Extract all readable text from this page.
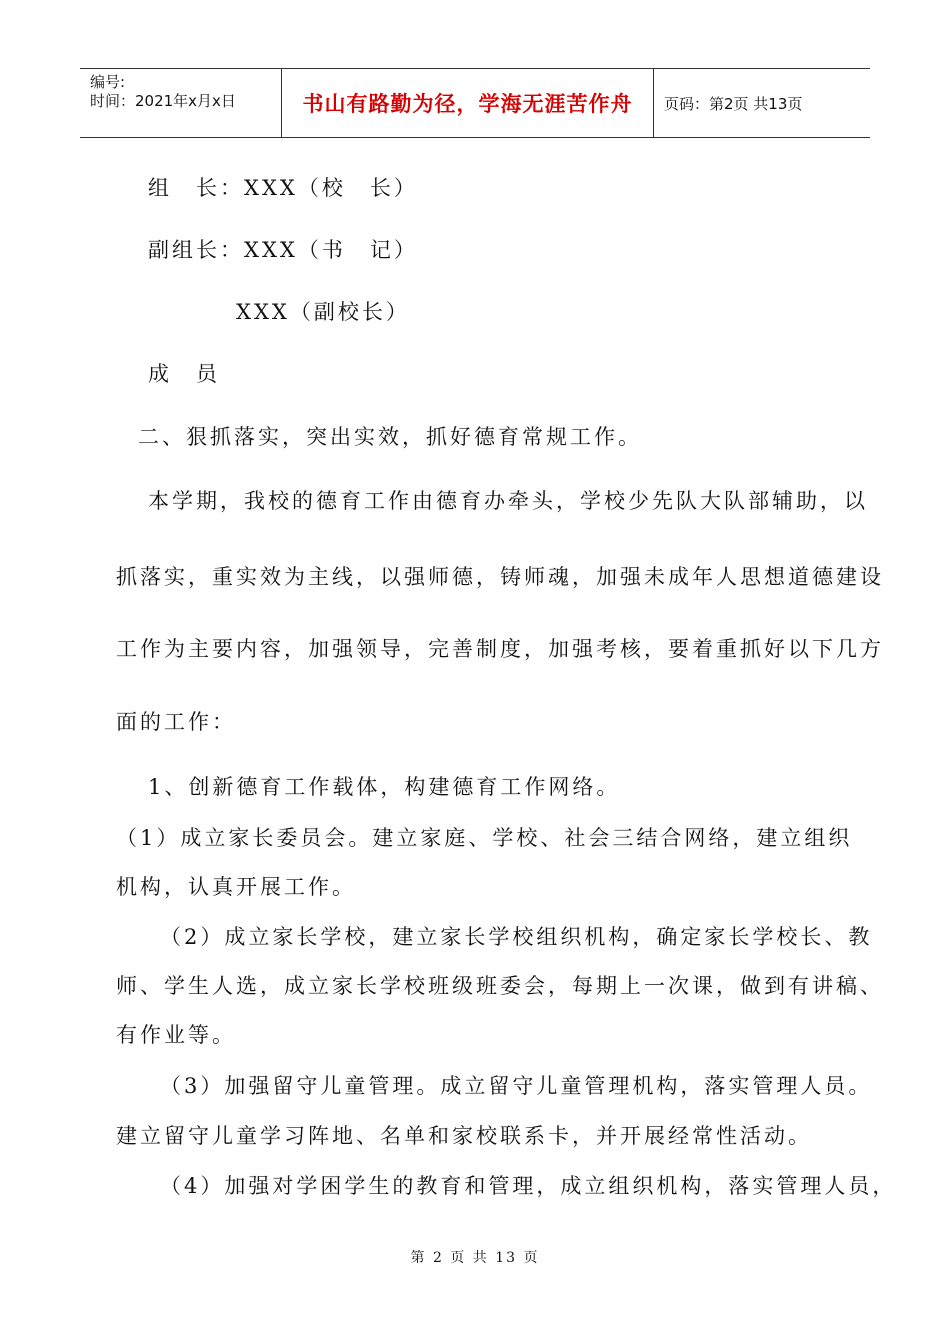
编号:
时间：2021年x月x日	书山有路勤为径，学海无涯苦作舟	页码：第2页 共13页
组　长：XXX（校　长）
副组长：XXX（书　记）
XXX（副校长）
成　员
二、狠抓落实，突出实效，抓好德育常规工作。
本学期，我校的德育工作由德育办牵头，学校少先队大队部辅助，以
抓落实，重实效为主线，以强师德，铸师魂，加强未成年人思想道德建设
工作为主要内容，加强领导，完善制度，加强考核，要着重抓好以下几方
面的工作：
1、创新德育工作载体，构建德育工作网络。
（1）成立家长委员会。建立家庭、学校、社会三结合网络，建立组织
机构，认真开展工作。
（2）成立家长学校，建立家长学校组织机构，确定家长学校长、教
师、学生人选，成立家长学校班级班委会，每期上一次课，做到有讲稿、
有作业等。
（3）加强留守儿童管理。成立留守儿童管理机构，落实管理人员。
建立留守儿童学习阵地、名单和家校联系卡，并开展经常性活动。
（4）加强对学困学生的教育和管理，成立组织机构，落实管理人员，
第 2 页 共 13 页
